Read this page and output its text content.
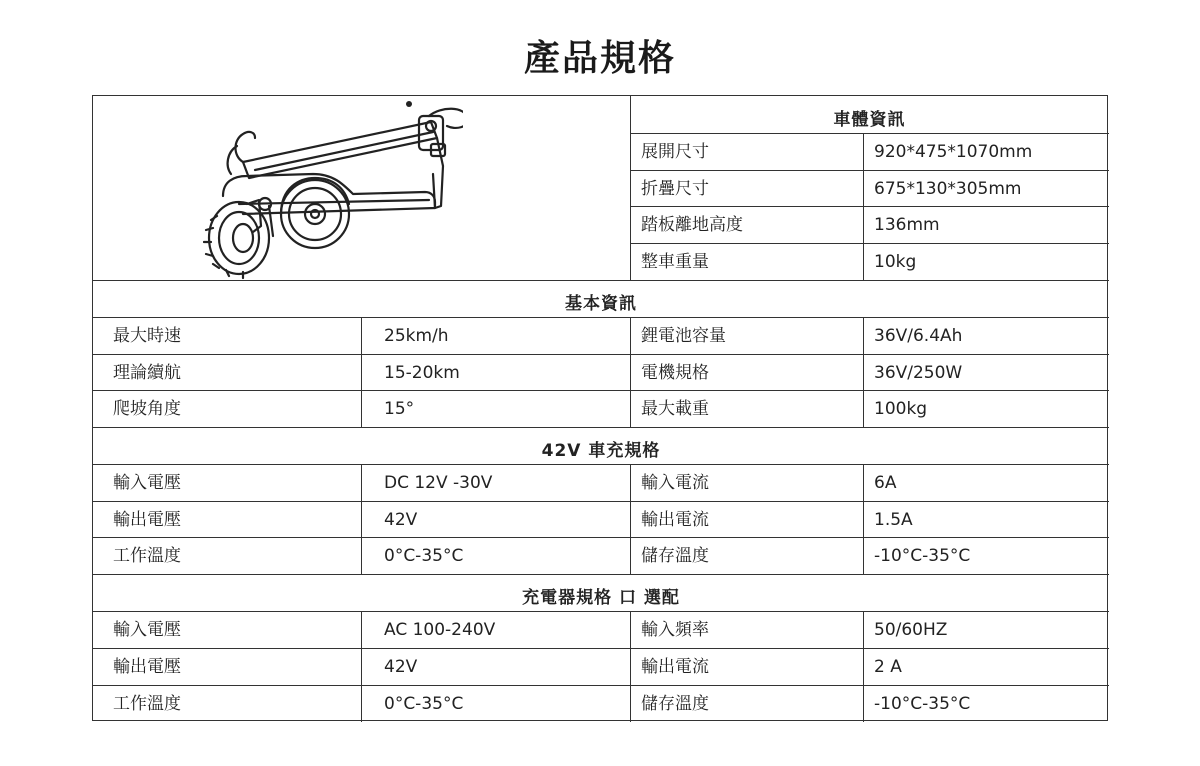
產品規格
車體資訊
展開尺寸	920*475*1070mm
折疊尺寸	675*130*305mm
踏板離地高度	136mm
整車重量	10kg
基本資訊
最大時速	25km/h	鋰電池容量	36V/6.4Ah
理論續航	15-20km	電機規格	36V/250W
爬坡角度	15°	最大載重	100kg
42V 車充規格
輸入電壓	DC 12V -30V	輸入電流	6A
輸出電壓	42V	輸出電流	1.5A
工作溫度	0°C-35°C	儲存溫度	-10°C-35°C
充電器規格 口 選配
輸入電壓	AC 100-240V	輸入頻率	50/60HZ
輸出電壓	42V	輸出電流	2 A
工作溫度	0°C-35°C	儲存溫度	-10°C-35°C
